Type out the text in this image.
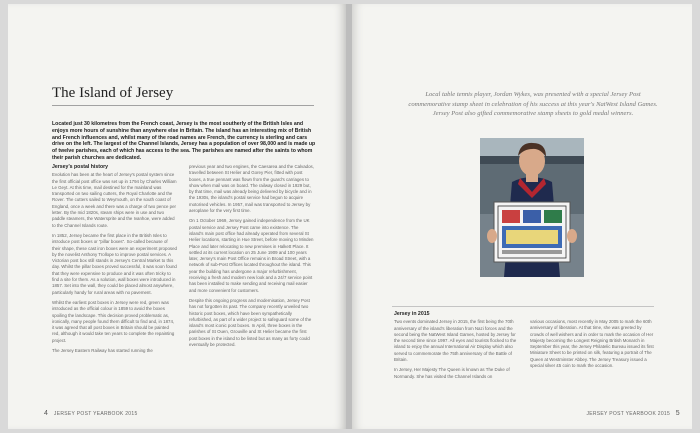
The Island of Jersey

Located just 30 kilometres from the French coast, Jersey is the most southerly of the British Isles and enjoys more hours of sunshine than anywhere else in Britain. The island has an interesting mix of British and French influences and, whilst many of the road names are French, the currency is sterling and cars drive on the left. The largest of the Channel Islands, Jersey has a population of over 98,000 and is made up of twelve parishes, each of which has access to the sea. The parishes are named after the saints to whom their parish churches are dedicated.

Jersey's postal history

Evolution has been at the heart of Jersey's postal system since the first official post office was set up in 1794 by Charles William Le Geyt. At this time, mail destined for the mainland was transported on two sailing cutters, the Royal Charlotte and the Rover. The cutters sailed to Weymouth, on the south coast of England, once a week and there was a charge of two pence per letter. By the mid 1820s, steam ships were in use and two paddle steamers, the Watersprite and the Ivanhoe, were added to the Channel Islands route.

In 1852, Jersey became the first place in the British Isles to introduce post boxes or "pillar boxes". So-called because of their shape, these cast iron boxes were an experiment proposed by the novelist Anthony Trollope to improve postal services. A Victorian post box still stands in Jersey's Central Market to this day. Whilst the pillar boxes proved successful, it was soon found that they were expensive to produce and it was often tricky to find a site for them. As a solution, wall boxes were introduced in 1857. Set into the wall, they could be placed almost anywhere, particularly handy for rural areas with no pavement.

Whilst the earliest post boxes in Jersey were red, green was introduced as the official colour in 1859 to avoid the boxes spoiling the landscape. This decision proved problematic as, ironically, many people found them difficult to find and, in 1874, it was agreed that all post boxes in Britain should be painted red, although it would take ten years to complete the repainting project.

The Jersey Eastern Railway has started running the

previous year and two engines, the Caesarea and the Calvados, travelled between St Helier and Gorey Pier, fitted with post boxes, a true pennant was flown from the guard's carriages to show when mail was on board. The railway closed in 1929 but, by that time, mail was already being delivered by bicycle and in the 1930s, the island's postal service had begun to acquire motorised vehicles. In 1957, mail was transported to Jersey by aeroplane for the very first time.

On 1 October 1969, Jersey gained independence from the UK postal service and Jersey Post came into existence. The island's main post office had already operated from several St Helier locations, starting in Hue Street, before moving to Minden Place and later relocating to new premises in Halkett Place. It settled at its current location on 25 June 1909 and 100 years later, Jersey's main Post Office remains in Broad Street, with a network of sub-Post Offices located throughout the island. This year the building has undergone a major refurbishment, receiving a fresh and modern new look and a 24/7 service point has been installed to make sending and receiving mail easier and more convenient for customers.

Despite this ongoing progress and modernisation, Jersey Post has not forgotten its past. The company recently unveiled two historic post boxes, which have been sympathetically refurbished, as part of a wider project to safeguard some of the island's most iconic post boxes. In April, three boxes in the parishes of St Ouen, Grouville and St Helier became the first post boxes in the island to be listed but as many as forty could eventually be protected.

4 JERSEY POST YEARBOOK 2015

Local table tennis player, Jordan Wykes, was presented with a special Jersey Post commemorative stamp sheet in celebration of his success at this year's NatWest Island Games. Jersey Post also gifted commemorative stamp sheets to gold medal winners.

Jersey in 2015

Two events dominated Jersey in 2015, the first being the 70th anniversary of the island's liberation from Nazi forces and the second being the NatWest Island Games, hosted by Jersey for the second time since 1997. All eyes and tourists flocked to the island to enjoy the annual International Air Display which also served to commemorate the 75th anniversary of the Battle of Britain.

In Jersey, Her Majesty The Queen is known as The Duke of Normandy. She has visited the Channel Islands on

various occasions, most recently in May 2005 to mark the 60th anniversary of liberation. At that time, she was greeted by crowds of well wishers and in order to mark the occasion of Her Majesty becoming the Longest Reigning British Monarch in September this year, the Jersey Philatelic Bureau issued its first Miniature Sheet to be printed on silk, featuring a portrait of The Queen at Westminster Abbey. The Jersey Treasury issued a special silver £5 coin to mark the occasion.

JERSEY POST YEARBOOK 2015 5
